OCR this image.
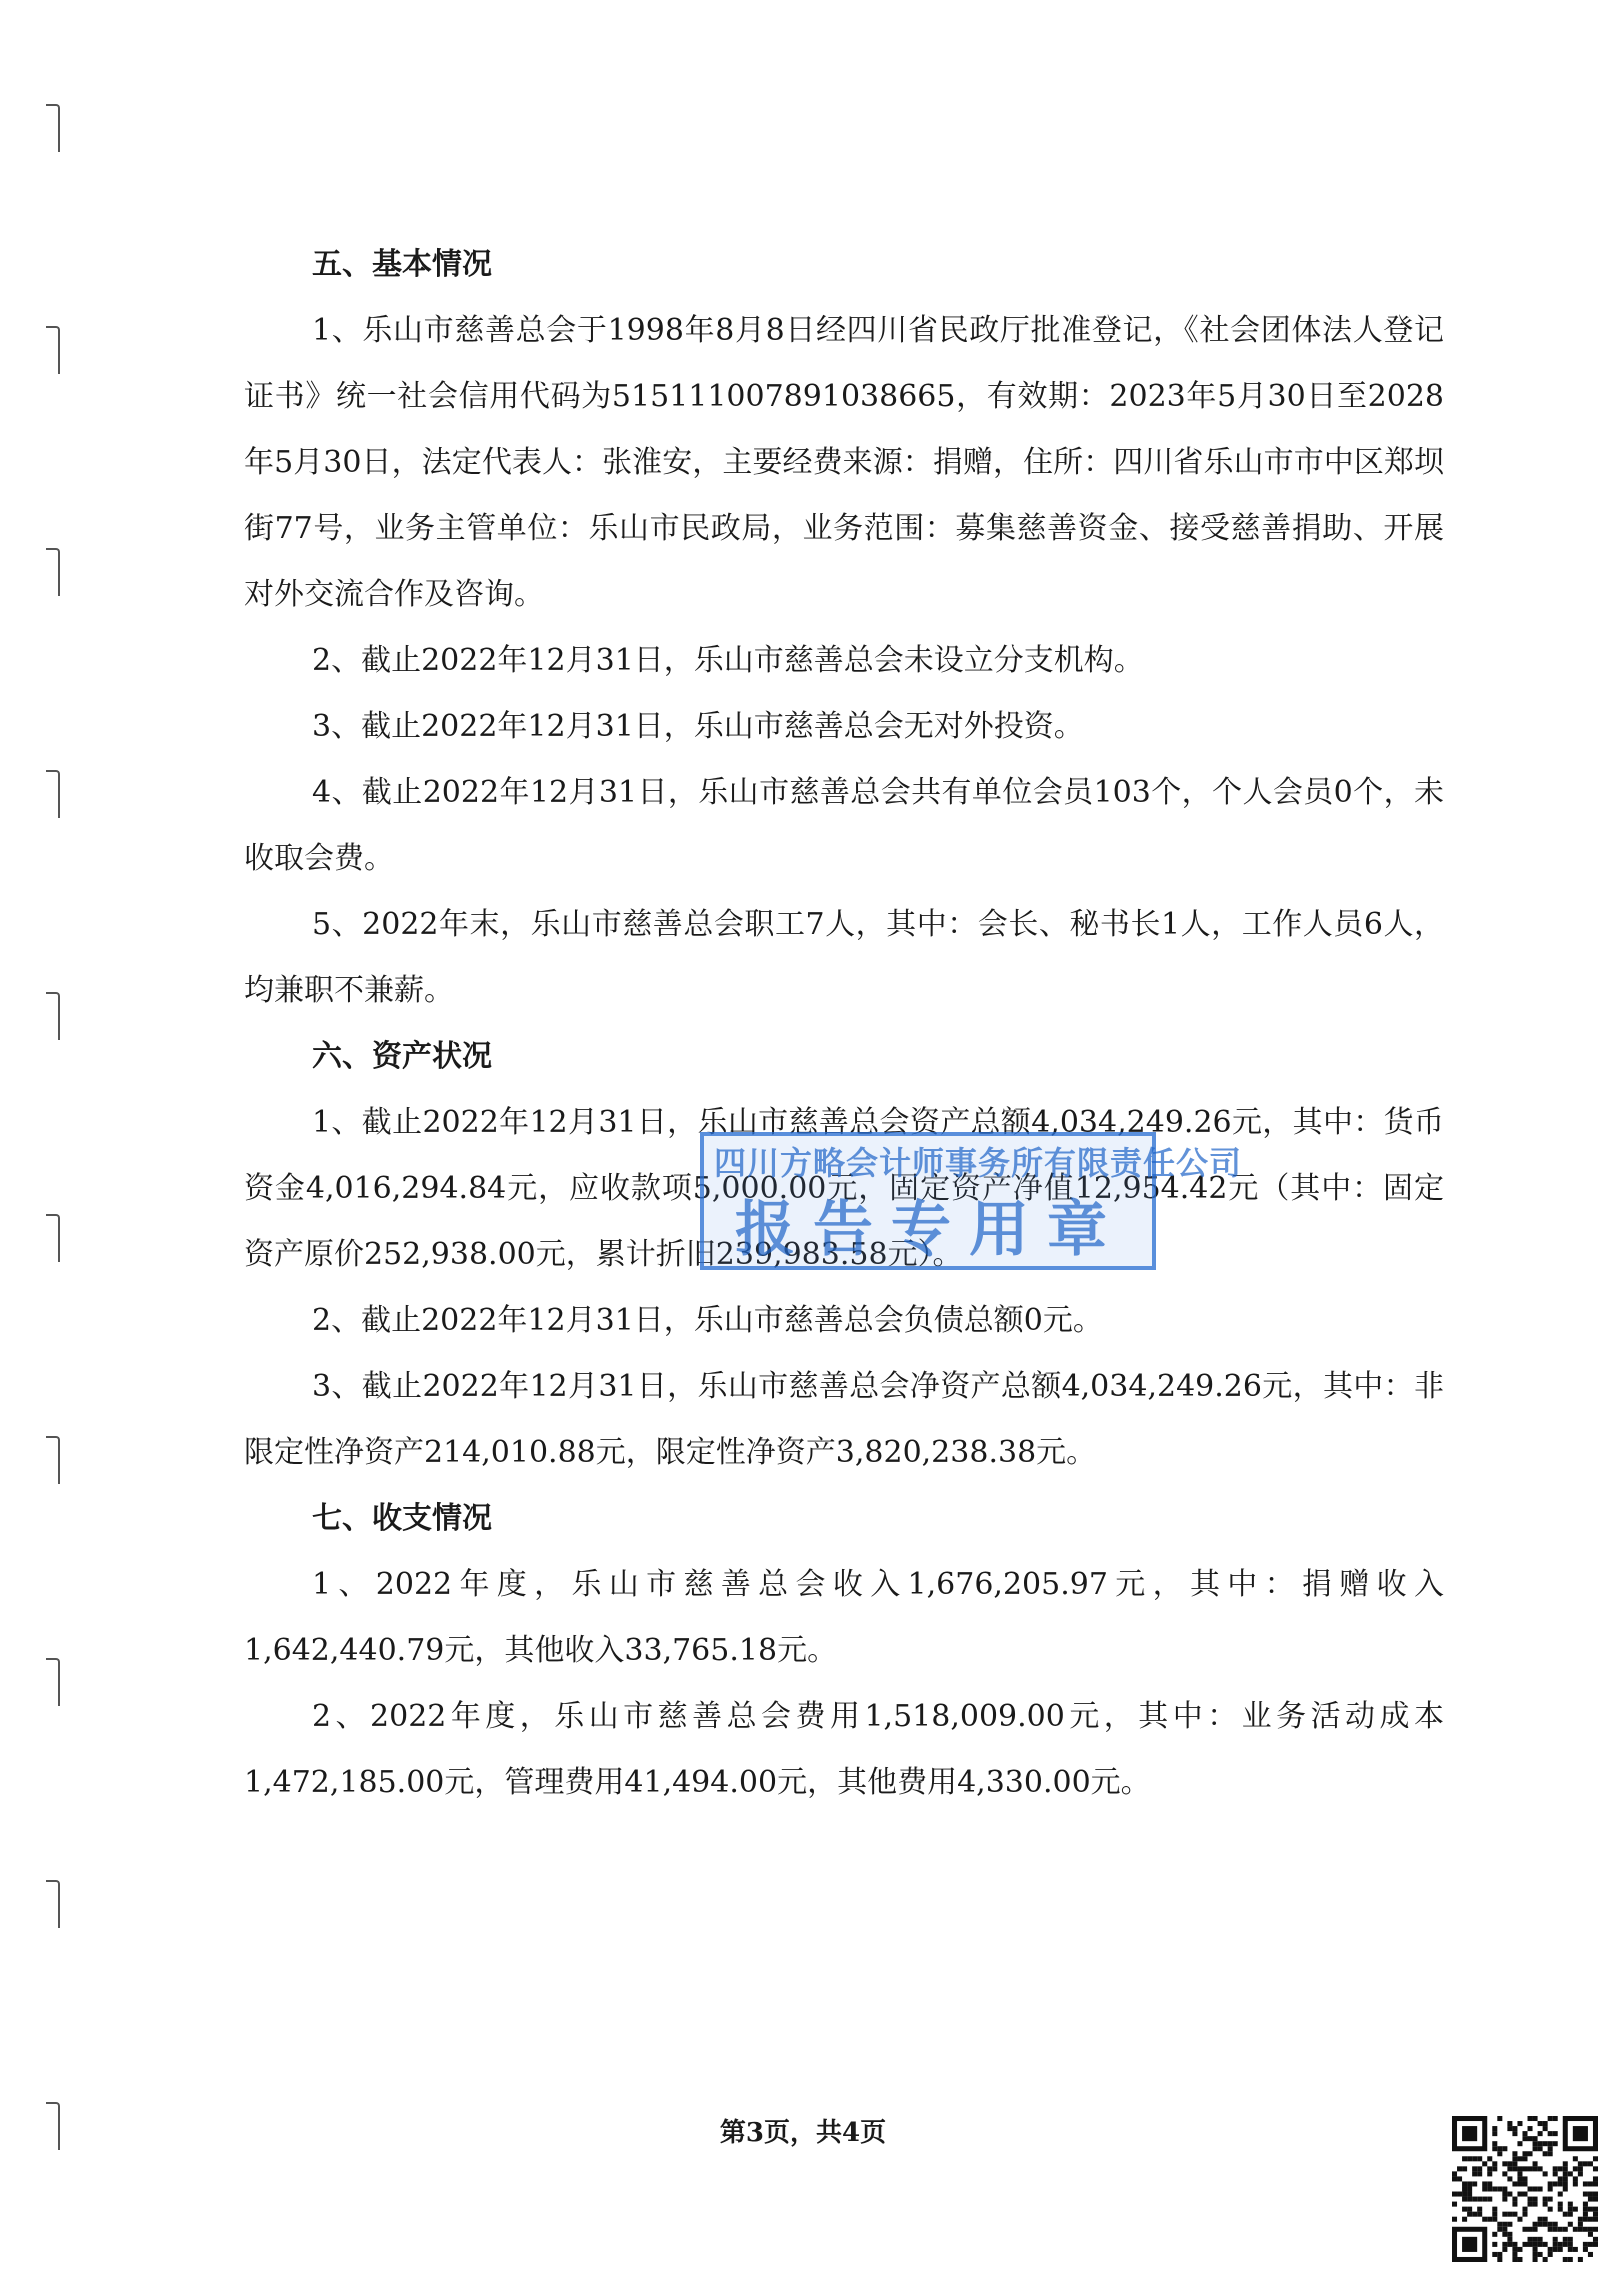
五、基本情况

1、乐山市慈善总会于1998年8月8日经四川省民政厅批准登记，《社会团体法人登记证书》统一社会信用代码为515111007891038665，有效期：2023年5月30日至2028年5月30日，法定代表人：张淮安，主要经费来源：捐赠，住所：四川省乐山市市中区郑坝街77号，业务主管单位：乐山市民政局，业务范围：募集慈善资金、接受慈善捐助、开展对外交流合作及咨询。

2、截止2022年12月31日，乐山市慈善总会未设立分支机构。

3、截止2022年12月31日，乐山市慈善总会无对外投资。

4、截止2022年12月31日，乐山市慈善总会共有单位会员103个，个人会员0个，未收取会费。

5、2022年末，乐山市慈善总会职工7人，其中：会长、秘书长1人，工作人员6人，均兼职不兼薪。

六、资产状况

1、截止2022年12月31日，乐山市慈善总会资产总额4,034,249.26元，其中：货币资金4,016,294.84元，应收款项5,000.00元，固定资产净值12,954.42元（其中：固定资产原价252,938.00元，累计折旧239,983.58元）。

2、截止2022年12月31日，乐山市慈善总会负债总额0元。

3、截止2022年12月31日，乐山市慈善总会净资产总额4,034,249.26元，其中：非限定性净资产214,010.88元，限定性净资产3,820,238.38元。

七、收支情况

1、2022年度，乐山市慈善总会收入1,676,205.97元，其中：捐赠收入1,642,440.79元，其他收入33,765.18元。

2、2022年度，乐山市慈善总会费用1,518,009.00元，其中：业务活动成本1,472,185.00元，管理费用41,494.00元，其他费用4,330.00元。

四川方略会计师事务所有限责任公司
报告专用章
第3页，共4页
